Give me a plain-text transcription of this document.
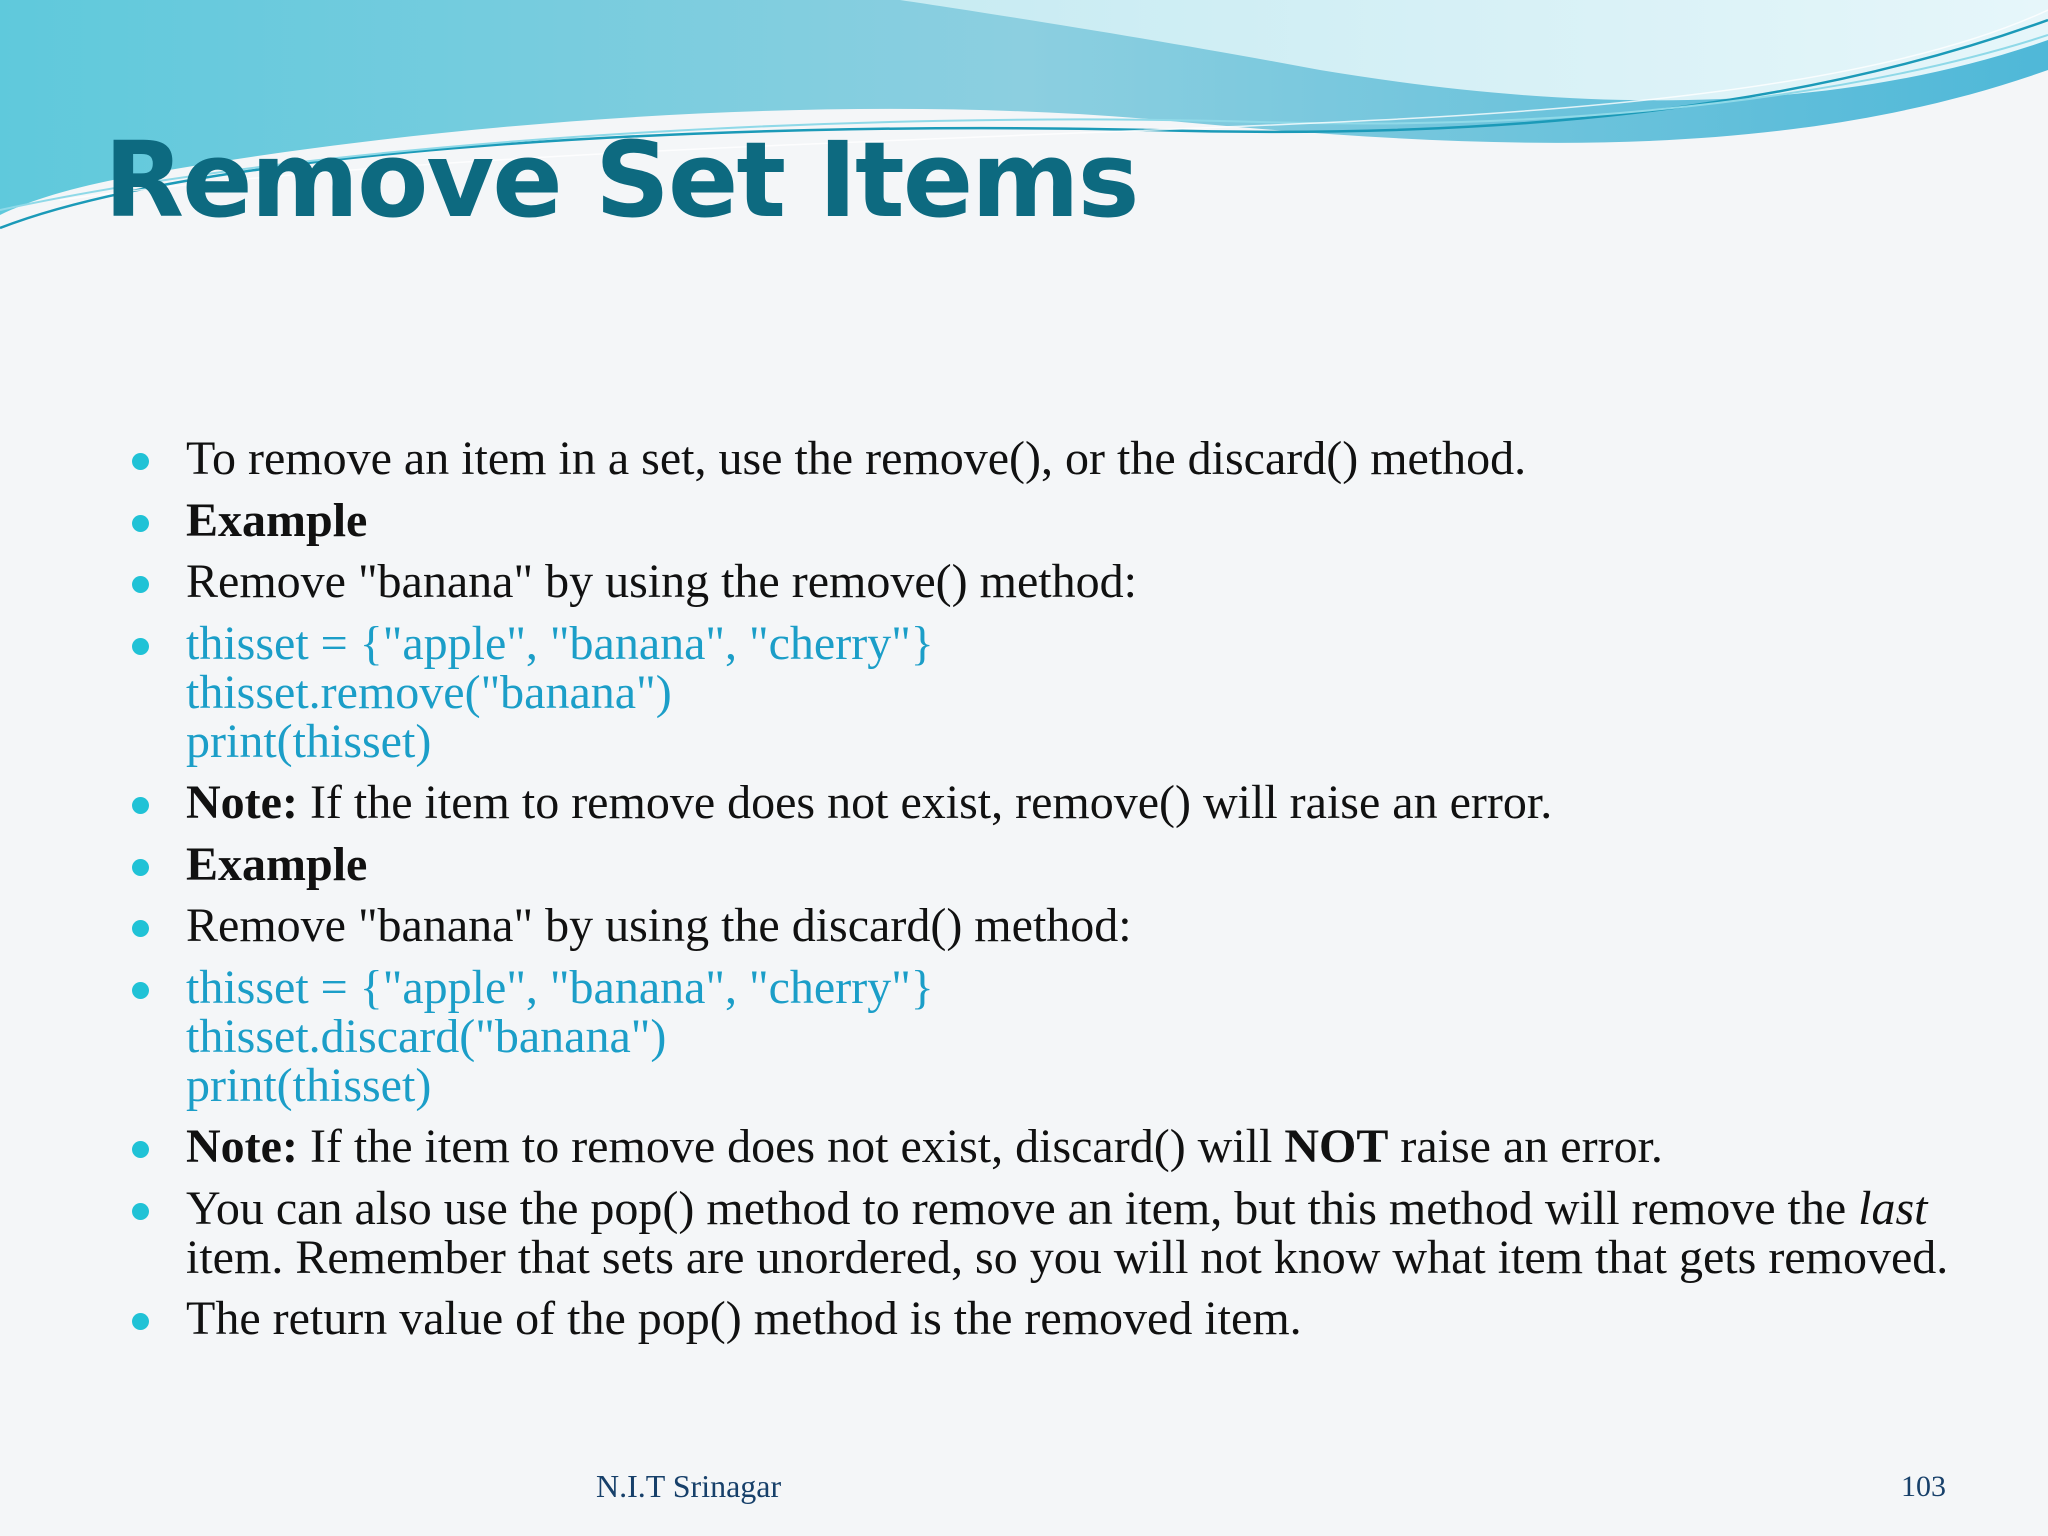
Remove Set Items
To remove an item in a set, use the remove(), or the discard() method.
Example
Remove "banana" by using the remove() method:
thisset = {"apple", "banana", "cherry"}
thisset.remove("banana")
print(thisset)
Note: If the item to remove does not exist, remove() will raise an error.
Example
Remove "banana" by using the discard() method:
thisset = {"apple", "banana", "cherry"}
thisset.discard("banana")
print(thisset)
Note: If the item to remove does not exist, discard() will NOT raise an error.
You can also use the pop() method to remove an item, but this method will remove the last item. Remember that sets are unordered, so you will not know what item that gets removed.
The return value of the pop() method is the removed item.
N.I.T Srinagar	103
